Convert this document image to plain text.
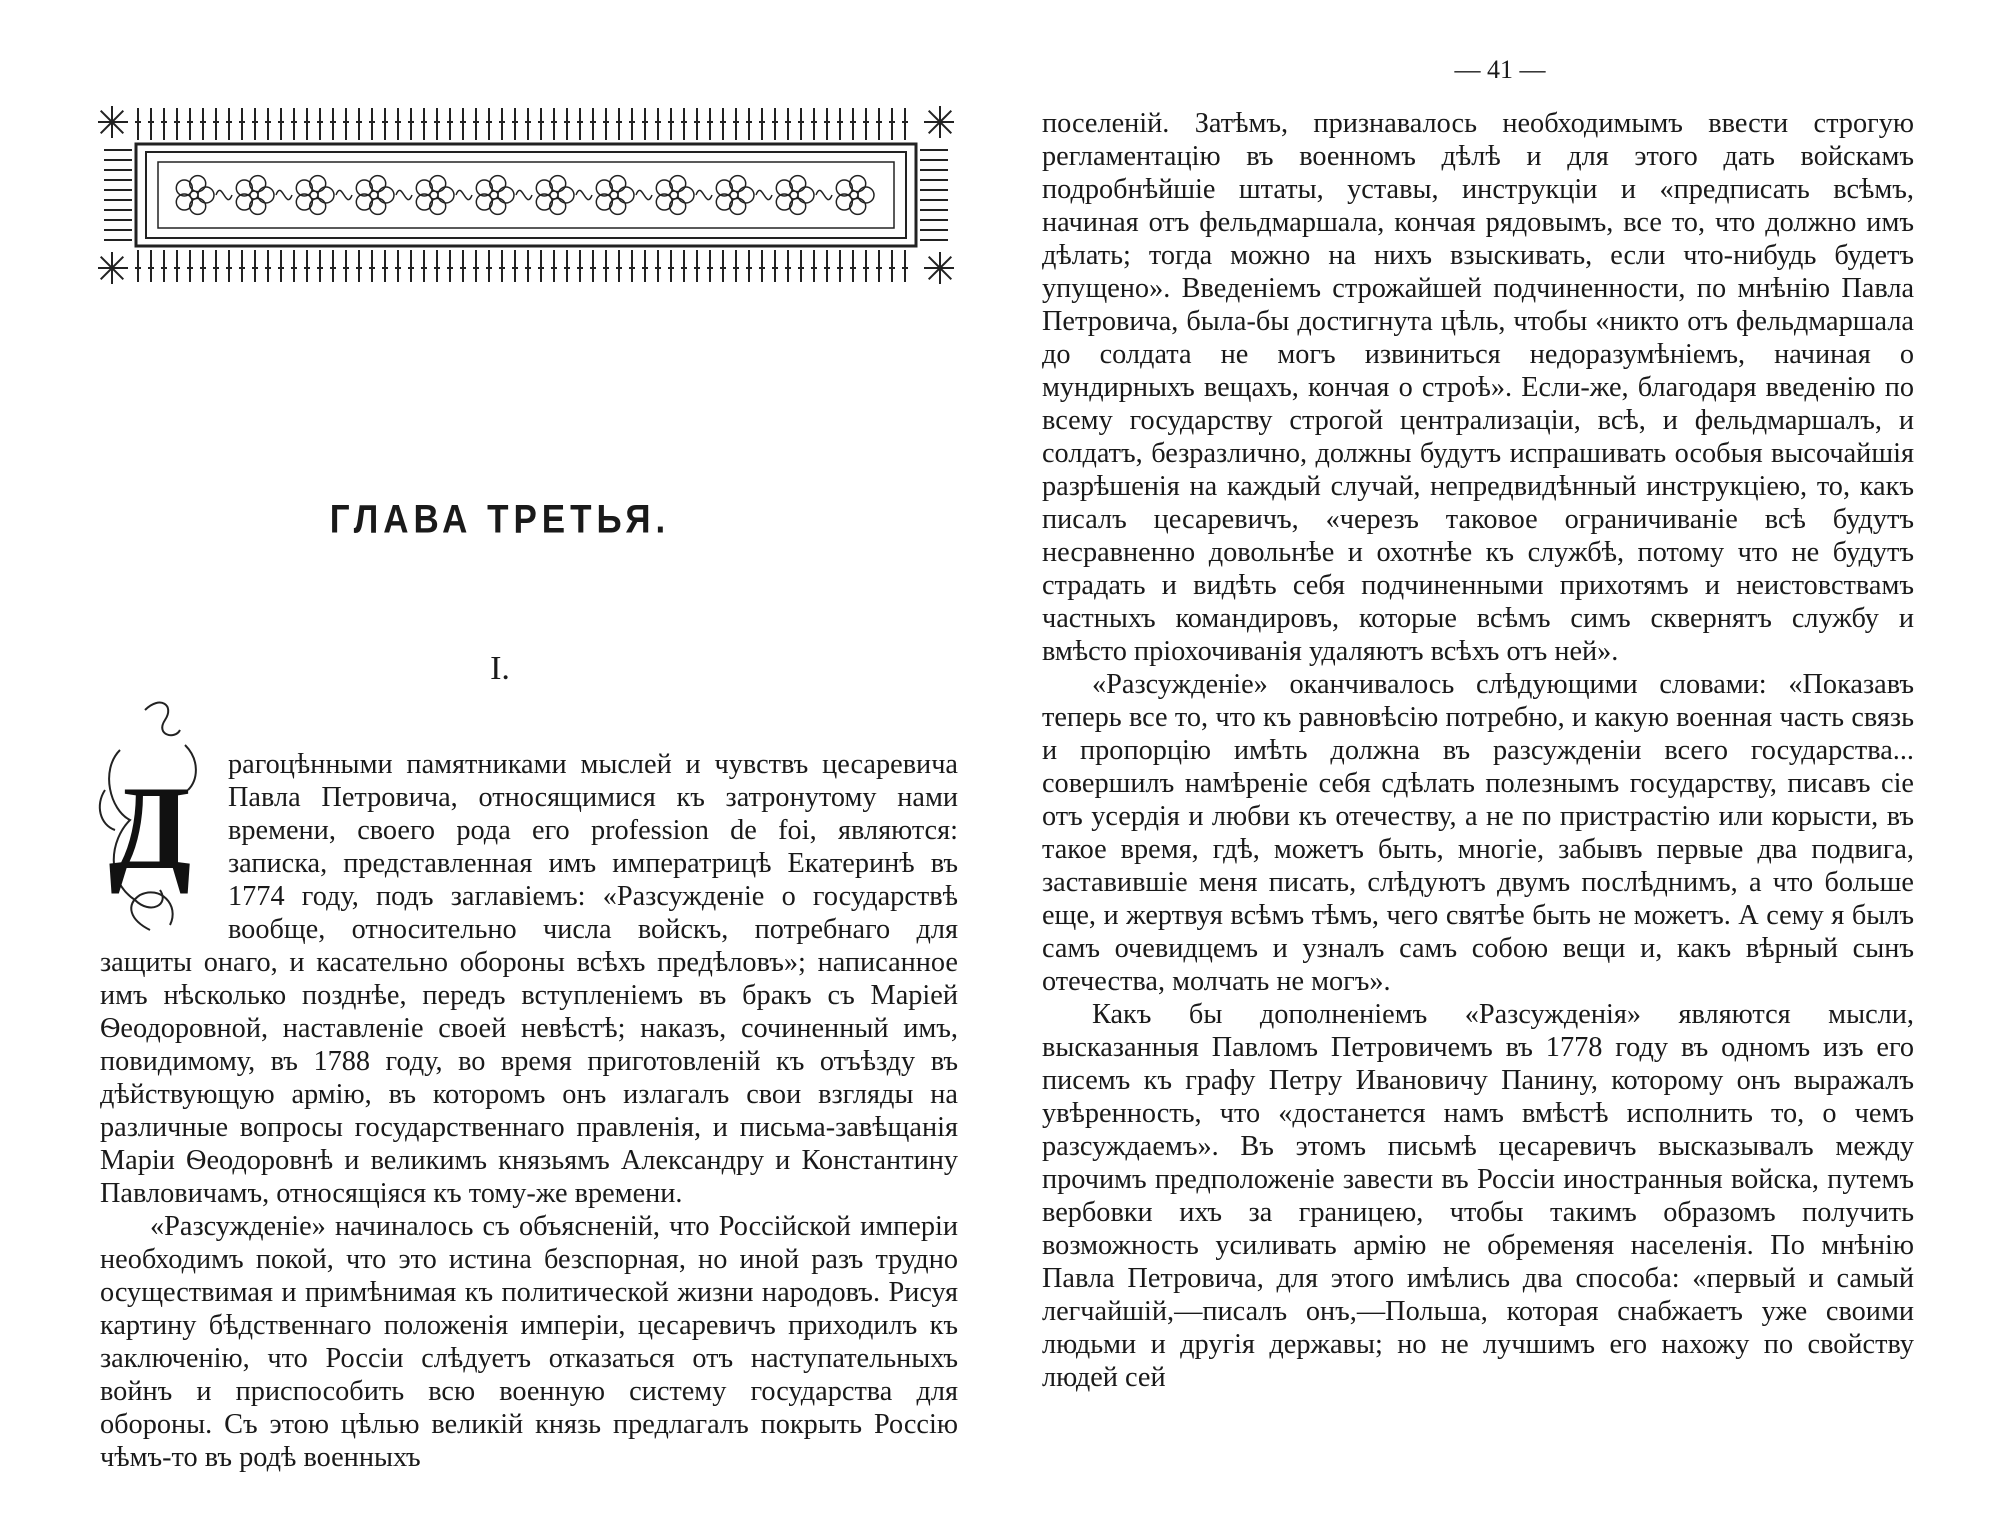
ГЛАВА ТРЕТЬЯ.
I.
Д	рагоцѣнными памятниками мыслей и чувствъ цесаревича Павла Петровича, относящимися къ затронутому нами времени, своего рода его profession de foi, являются: записка, представленная имъ императрицѣ Екатеринѣ въ 1774 году, подъ заглавіемъ: «Разсужденіе о государствѣ вообще, относительно числа войскъ, потребнаго для защиты онаго, и касательно обороны всѣхъ предѣловъ»; написанное имъ нѣсколько позднѣе, передъ вступленіемъ въ бракъ съ Маріей Ѳеодоровной, наставленіе своей невѣстѣ; наказъ, сочиненный имъ, повидимому, въ 1788 году, во время приготовленій къ отъѣзду въ дѣйствующую армію, въ которомъ онъ излагалъ свои взгляды на различные вопросы государственнаго правленія, и письма-завѣщанія Маріи Ѳеодоровнѣ и великимъ князьямъ Александру и Константину Павловичамъ, относящіяся къ тому-же времени.

«Разсужденіе» начиналось съ объясненій, что Россійской имперіи необходимъ покой, что это истина безспорная, но иной разъ трудно осуществимая и примѣнимая къ политической жизни народовъ. Рисуя картину бѣдственнаго положенія имперіи, цесаревичъ приходилъ къ заключенію, что Россіи слѣдуетъ отказаться отъ наступательныхъ войнъ и приспособить всю военную систему государства для обороны. Съ этою цѣлью великій князь предлагалъ покрыть Россію чѣмъ-то въ родѣ военныхъ

— 41 —

поселеній. Затѣмъ, признавалось необходимымъ ввести строгую регламентацію въ военномъ дѣлѣ и для этого дать войскамъ подробнѣйшіе штаты, уставы, инструкціи и «предписать всѣмъ, начиная отъ фельдмаршала, кончая рядовымъ, все то, что должно имъ дѣлать; тогда можно на нихъ взыскивать, если что-нибудь будетъ упущено». Введеніемъ строжайшей подчиненности, по мнѣнію Павла Петровича, была-бы достигнута цѣль, чтобы «никто отъ фельдмаршала до солдата не могъ извиниться недоразумѣніемъ, начиная о мундирныхъ вещахъ, кончая о строѣ». Если-же, благодаря введенію по всему государству строгой централизаціи, всѣ, и фельдмаршалъ, и солдатъ, безразлично, должны будутъ испрашивать особыя высочайшія разрѣшенія на каждый случай, непредвидѣнный инструкціею, то, какъ писалъ цесаревичъ, «черезъ таковое ограничиваніе всѣ будутъ несравненно довольнѣе и охотнѣе къ службѣ, потому что не будутъ страдать и видѣть себя подчиненными прихотямъ и неистовствамъ частныхъ командировъ, которые всѣмъ симъ сквернятъ службу и вмѣсто пріохочиванія удаляютъ всѣхъ отъ ней».

«Разсужденіе» оканчивалось слѣдующими словами: «Показавъ теперь все то, что къ равновѣсію потребно, и какую военная часть связь и пропорцію имѣть должна въ разсужденіи всего государства... совершилъ намѣреніе себя сдѣлать полезнымъ государству, писавъ сіе отъ усердія и любви къ отечеству, а не по пристрастію или корысти, въ такое время, гдѣ, можетъ быть, многіе, забывъ первые два подвига, заставившіе меня писать, слѣдуютъ двумъ послѣднимъ, а что больше еще, и жертвуя всѣмъ тѣмъ, чего святѣе быть не можетъ. А сему я былъ самъ очевидцемъ и узналъ самъ собою вещи и, какъ вѣрный сынъ отечества, молчать не могъ».

Какъ бы дополненіемъ «Разсужденія» являются мысли, высказанныя Павломъ Петровичемъ въ 1778 году въ одномъ изъ его писемъ къ графу Петру Ивановичу Панину, которому онъ выражалъ увѣренность, что «достанется намъ вмѣстѣ исполнить то, о чемъ разсуждаемъ». Въ этомъ письмѣ цесаревичъ высказывалъ между прочимъ предположеніе завести въ Россіи иностранныя войска, путемъ вербовки ихъ за границею, чтобы такимъ образомъ получить возможность усиливать армію не обременяя населенія. По мнѣнію Павла Петровича, для этого имѣлись два способа: «первый и самый легчайшій,—писалъ онъ,—Польша, которая снабжаетъ уже своими людьми и другія державы; но не лучшимъ его нахожу по свойству людей сей
